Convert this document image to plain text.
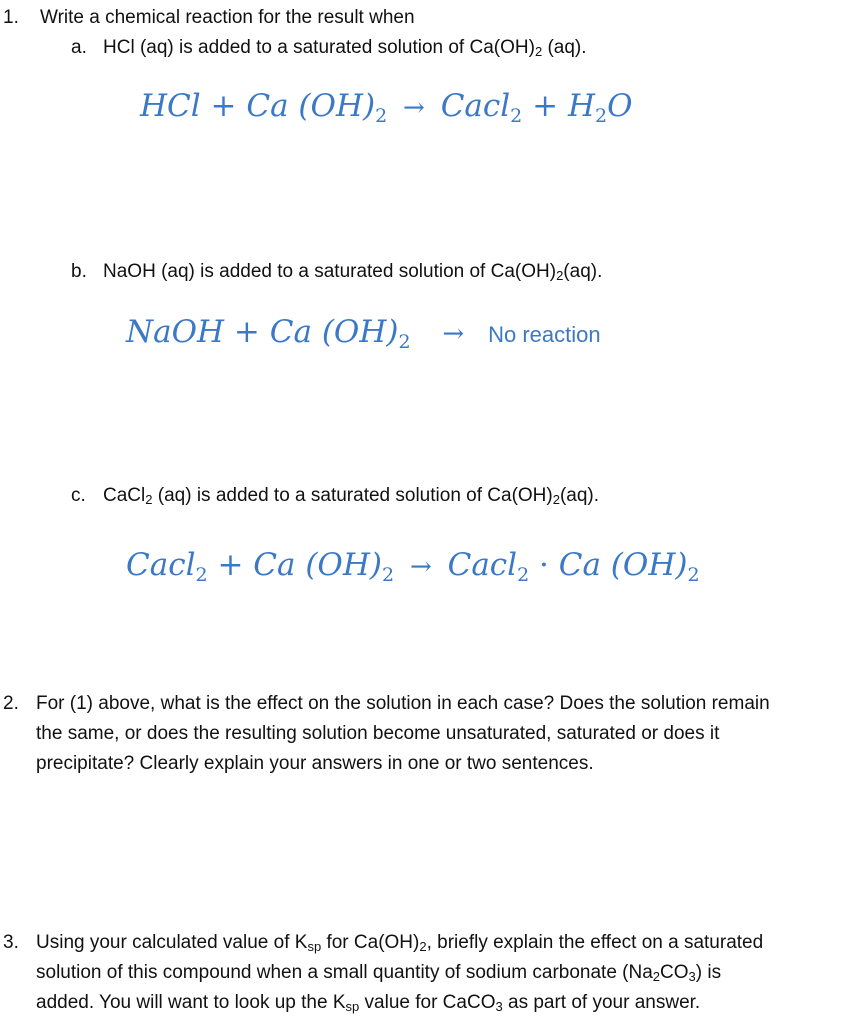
1. Write a chemical reaction for the result when
a. HCl (aq) is added to a saturated solution of $Ca(OH)_2$ (aq).
HCl + Ca $(OH)_2$ → Cacl$_2$ + $H_2O$
b. NaOH (aq) is added to a saturated solution of $Ca(OH)_2(aq)$.
NaOH + Ca $(OH)_2 \to No$ reaction
c. CaCl$_2$ (aq) is added to a saturated solution of $Ca(OH)_2(aq)$.
Cacl$_2$ + Ca $(OH)_2$ → Cacl$_2$ · Ca $(OH)_2$
2. For (1) above, what is the effect on the solution in each case? Does the solution remain
the same, or does the resulting solution become unsaturated, saturated or does it
precipitate? Clearly explain your answers in one or two sentences.
3. Using your calculated value of $K_{sp}$ for $Ca(OH)_2$, briefly explain the effect on a saturated
solution of this compound when a small quantity of sodium carbonate $(Na_2CO_3)$ is
added. You will want to look up the $K_{sp}$ value for CaCO$_3$ as part of your answer.
